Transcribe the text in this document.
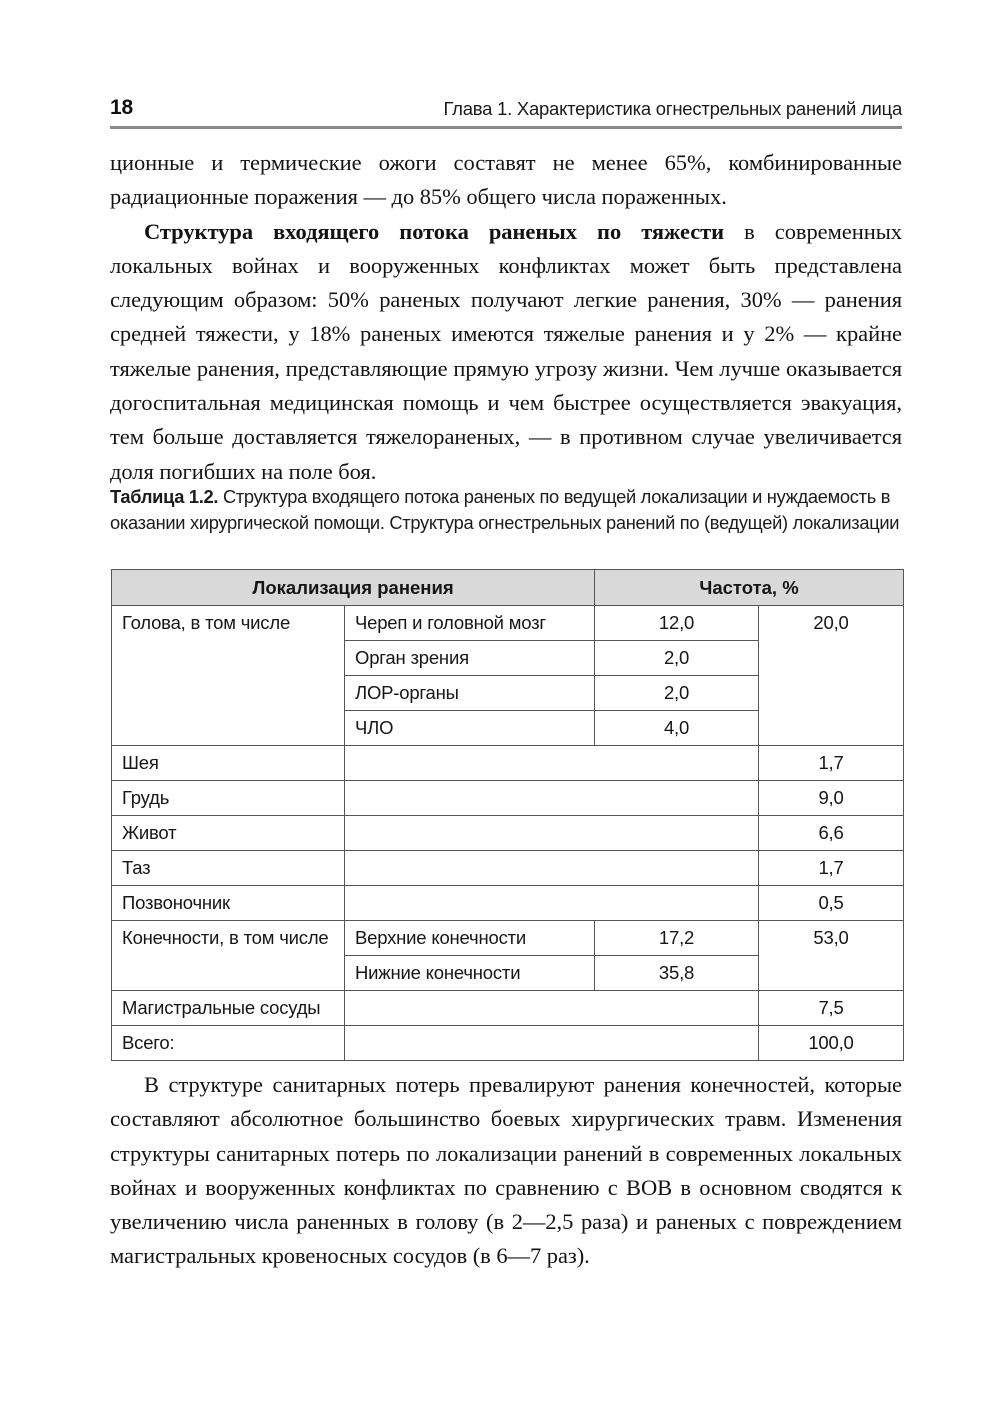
18	Глава 1. Характеристика огнестрельных ранений лица

ционные и термические ожоги составят не менее 65%, комбинированные радиационные поражения — до 85% общего числа пораженных.

Структура входящего потока раненых по тяжести в современных локальных войнах и вооруженных конфликтах может быть представлена следующим образом: 50% раненых получают легкие ранения, 30% — ранения средней тяжести, у 18% раненых имеются тяжелые ранения и у 2% — крайне тяжелые ранения, представляющие прямую угрозу жизни. Чем лучше оказывается догоспитальная медицинская помощь и чем быстрее осуществляется эвакуация, тем больше доставляется тяжелораненых, — в противном случае увеличивается доля погибших на поле боя.

Таблица 1.2. Структура входящего потока раненых по ведущей локализации и нуждаемость в оказании хирургической помощи. Структура огнестрельных ранений по (ведущей) локализации
Локализация ранения		Частота, %	
Голова, в том числе	Череп и головной мозг	12,0	20,0
	Орган зрения	2,0	
	ЛОР-органы	2,0	
	ЧЛО	4,0	
Шея			1,7
Грудь			9,0
Живот			6,6
Таз			1,7
Позвоночник			0,5
Конечности, в том числе	Верхние конечности	17,2	53,0
	Нижние конечности	35,8	
Магистральные сосуды			7,5
Всего:			100,0

В структуре санитарных потерь превалируют ранения конечностей, которые составляют абсолютное большинство боевых хирургических травм. Изменения структуры санитарных потерь по локализации ранений в современных локальных войнах и вооруженных конфликтах по сравнению с ВОВ в основном сводятся к увеличению числа раненных в голову (в 2—2,5 раза) и раненых с повреждением магистральных кровеносных сосудов (в 6—7 раз).
